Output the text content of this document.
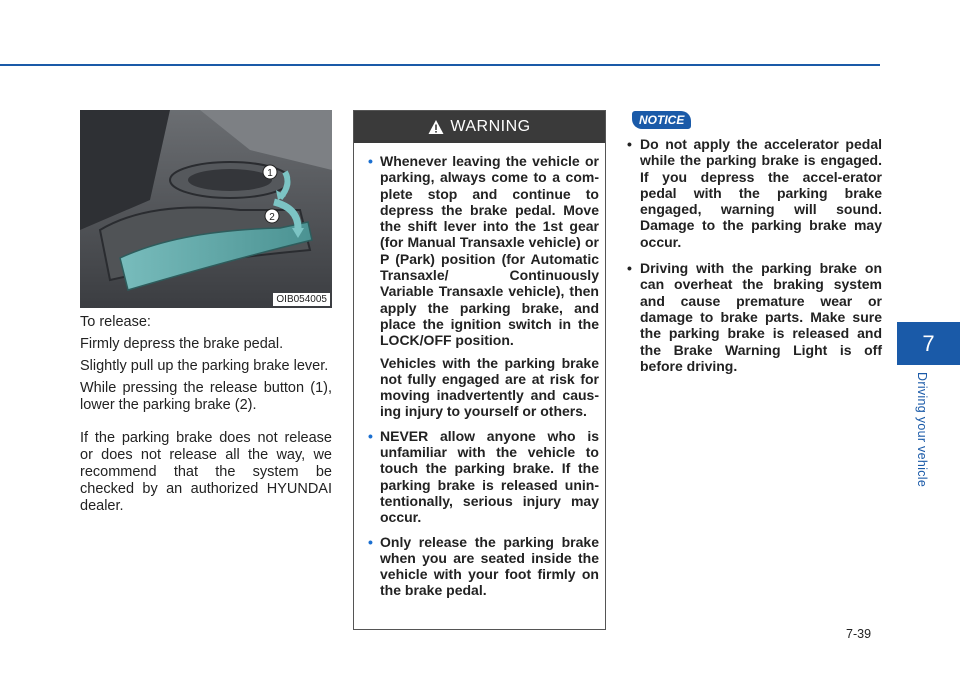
1
2
OIB054005

To release:

Firmly depress the brake pedal.

Slightly pull up the parking brake lever.

While pressing the release button (1), lower the parking brake (2).

If the parking brake does not release or does not release all the way, we recommend that the system be checked by an authorized HYUNDAI dealer.

WARNING
• Whenever leaving the vehicle or parking, always come to a com-plete stop and continue to depress the brake pedal. Move the shift lever into the 1st gear (for Manual Transaxle vehicle) or P (Park) position (for Automatic Transaxle/ Continuously Variable Transaxle vehicle), then apply the parking brake, and place the ignition switch in the LOCK/OFF position.

Vehicles with the parking brake not fully engaged are at risk for moving inadvertently and caus-ing injury to yourself or others.

• NEVER allow anyone who is unfamiliar with the vehicle to touch the parking brake. If the parking brake is released unin-tentionally, serious injury may occur.

• Only release the parking brake when you are seated inside the vehicle with your foot firmly on the brake pedal.

NOTICE
• Do not apply the accelerator pedal while the parking brake is engaged. If you depress the accel-erator pedal with the parking brake engaged, warning will sound. Damage to the parking brake may occur.
• Driving with the parking brake on can overheat the braking system and cause premature wear or damage to brake parts. Make sure the parking brake is released and the Brake Warning Light is off before driving.
7
Driving your vehicle
7-39
